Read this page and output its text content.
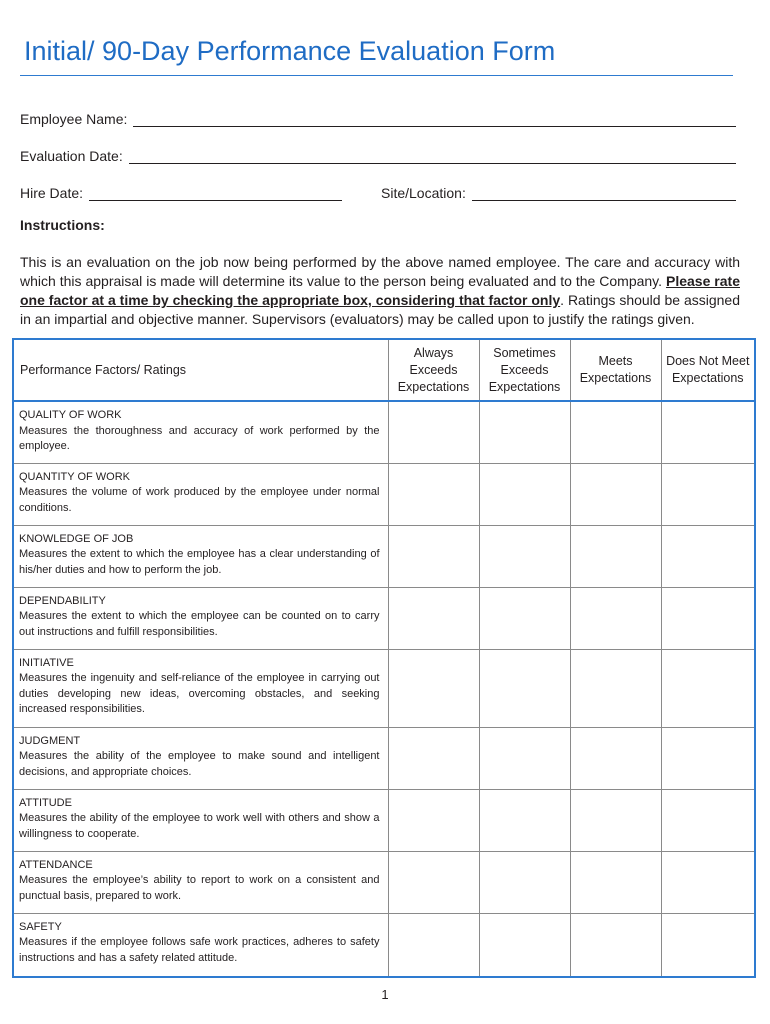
Initial/ 90-Day Performance Evaluation Form
Employee Name:
Evaluation Date:
Hire Date:	Site/Location:
Instructions:
This is an evaluation on the job now being performed by the above named employee. The care and accuracy with which this appraisal is made will determine its value to the person being evaluated and to the Company. Please rate one factor at a time by checking the appropriate box, considering that factor only. Ratings should be assigned in an impartial and objective manner. Supervisors (evaluators) may be called upon to justify the ratings given.
Performance Factors/ Ratings	Always Exceeds Expectations	Sometimes Exceeds Expectations	Meets Expectations	Does Not Meet Expectations

QUALITY OF WORK
Measures the thoroughness and accuracy of work performed by the employee.				

QUANTITY OF WORK
Measures the volume of work produced by the employee under normal conditions.				

KNOWLEDGE OF JOB
Measures the extent to which the employee has a clear understanding of his/her duties and how to perform the job.				

DEPENDABILITY
Measures the extent to which the employee can be counted on to carry out instructions and fulfill responsibilities.				

INITIATIVE
Measures the ingenuity and self-reliance of the employee in carrying out duties developing new ideas, overcoming obstacles, and seeking increased responsibilities.				

JUDGMENT
Measures the ability of the employee to make sound and intelligent decisions, and appropriate choices.				

ATTITUDE
Measures the ability of the employee to work well with others and show a willingness to cooperate.				

ATTENDANCE
Measures the employee’s ability to report to work on a consistent and punctual basis, prepared to work.				

SAFETY
Measures if the employee follows safe work practices, adheres to safety instructions and has a safety related attitude.				

1
